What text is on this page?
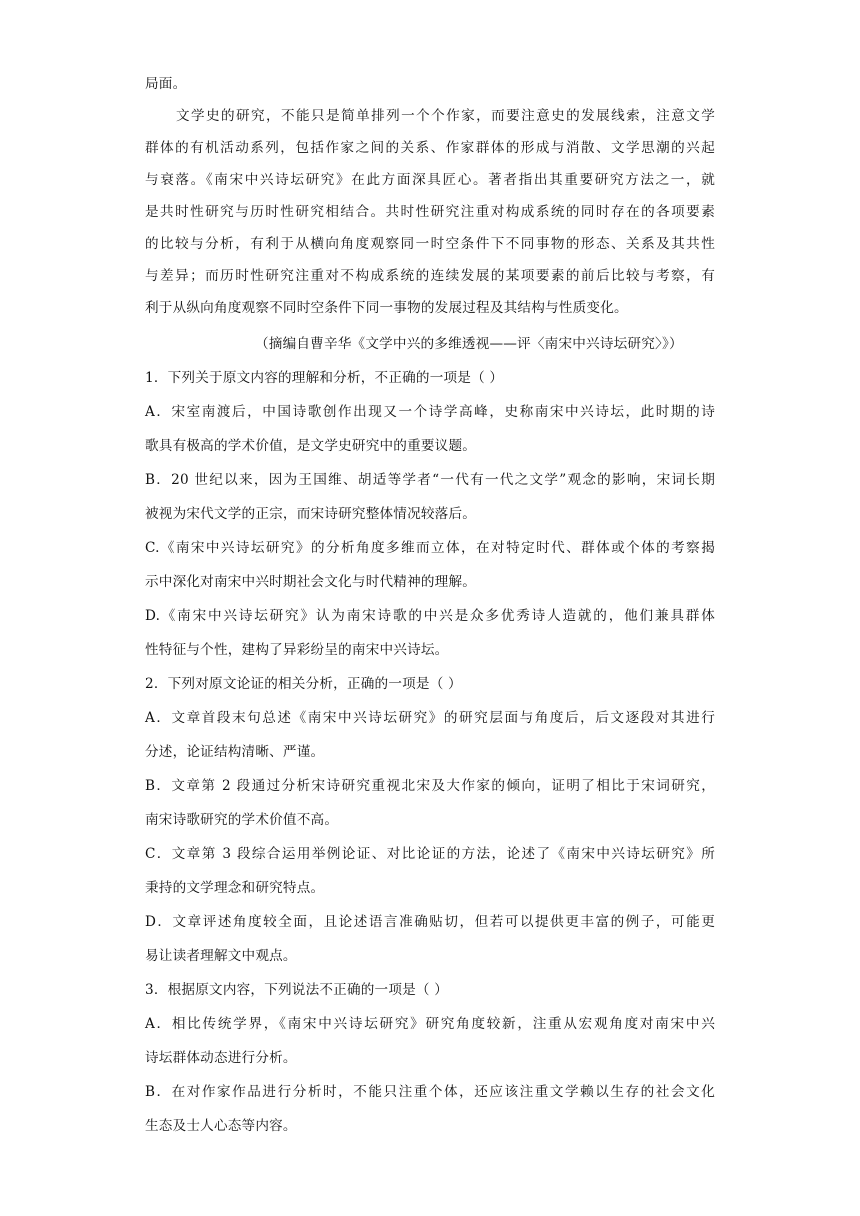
局面。
文学史的研究，不能只是简单排列一个个作家，而要注意史的发展线索，注意文学
群体的有机活动系列，包括作家之间的关系、作家群体的形成与消散、文学思潮的兴起
与衰落。《南宋中兴诗坛研究》在此方面深具匠心。著者指出其重要研究方法之一，就
是共时性研究与历时性研究相结合。共时性研究注重对构成系统的同时存在的各项要素
的比较与分析，有利于从横向角度观察同一时空条件下不同事物的形态、关系及其共性
与差异；而历时性研究注重对不构成系统的连续发展的某项要素的前后比较与考察，有
利于从纵向角度观察不同时空条件下同一事物的发展过程及其结构与性质变化。
（摘编自曹辛华《文学中兴的多维透视——评〈南宋中兴诗坛研究〉》）
1．下列关于原文内容的理解和分析，不正确的一项是（ ）
A．宋室南渡后，中国诗歌创作出现又一个诗学高峰，史称南宋中兴诗坛，此时期的诗
歌具有极高的学术价值，是文学史研究中的重要议题。
B．20 世纪以来，因为王国维、胡适等学者“一代有一代之文学”观念的影响，宋词长期
被视为宋代文学的正宗，而宋诗研究整体情况较落后。
C.《南宋中兴诗坛研究》的分析角度多维而立体，在对特定时代、群体或个体的考察揭
示中深化对南宋中兴时期社会文化与时代精神的理解。
D.《南宋中兴诗坛研究》认为南宋诗歌的中兴是众多优秀诗人造就的，他们兼具群体
性特征与个性，建构了异彩纷呈的南宋中兴诗坛。
2．下列对原文论证的相关分析，正确的一项是（ ）
A．文章首段末句总述《南宋中兴诗坛研究》的研究层面与角度后，后文逐段对其进行
分述，论证结构清晰、严谨。
B．文章第 2 段通过分析宋诗研究重视北宋及大作家的倾向，证明了相比于宋词研究，
南宋诗歌研究的学术价值不高。
C．文章第 3 段综合运用举例论证、对比论证的方法，论述了《南宋中兴诗坛研究》所
秉持的文学理念和研究特点。
D．文章评述角度较全面，且论述语言准确贴切，但若可以提供更丰富的例子，可能更
易让读者理解文中观点。
3．根据原文内容，下列说法不正确的一项是（ ）
A．相比传统学界，《南宋中兴诗坛研究》研究角度较新，注重从宏观角度对南宋中兴
诗坛群体动态进行分析。
B．在对作家作品进行分析时，不能只注重个体，还应该注重文学赖以生存的社会文化
生态及士人心态等内容。
